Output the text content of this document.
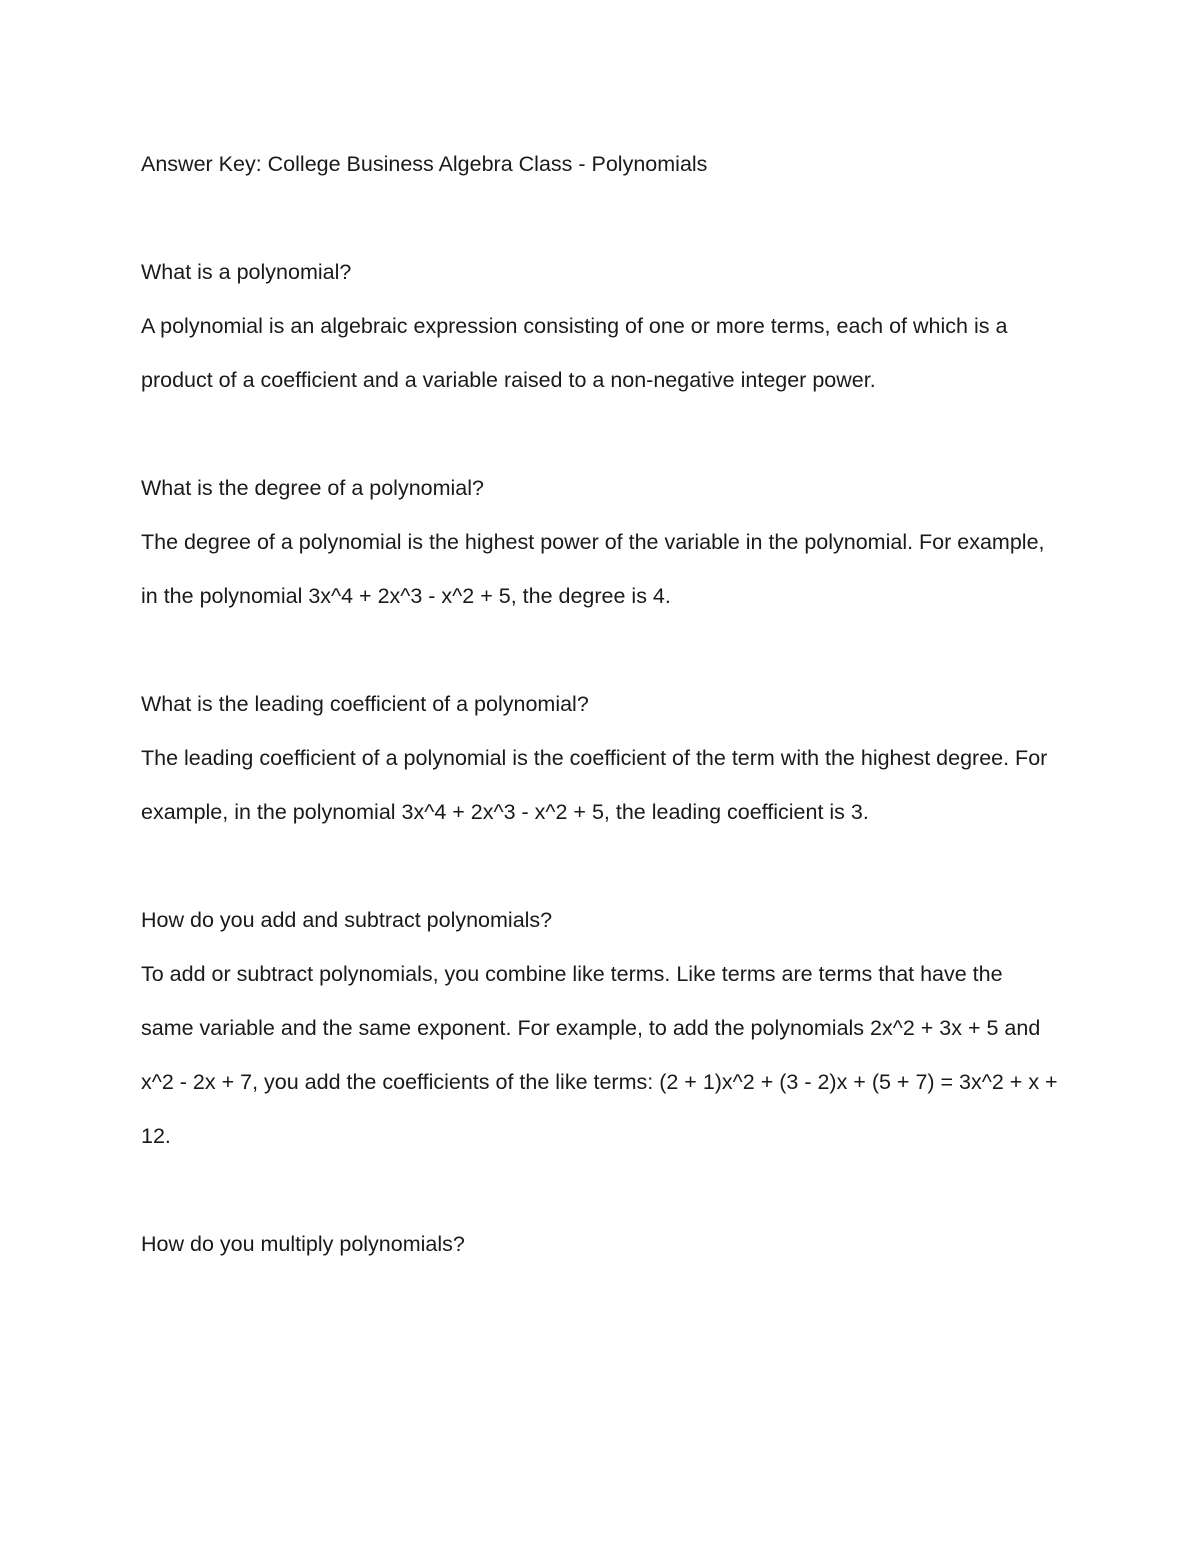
Answer Key: College Business Algebra Class - Polynomials

What is a polynomial?

A polynomial is an algebraic expression consisting of one or more terms, each of which is a product of a coefficient and a variable raised to a non-negative integer power.

What is the degree of a polynomial?

The degree of a polynomial is the highest power of the variable in the polynomial. For example, in the polynomial 3x^4 + 2x^3 - x^2 + 5, the degree is 4.

What is the leading coefficient of a polynomial?

The leading coefficient of a polynomial is the coefficient of the term with the highest degree. For example, in the polynomial 3x^4 + 2x^3 - x^2 + 5, the leading coefficient is 3.

How do you add and subtract polynomials?

To add or subtract polynomials, you combine like terms. Like terms are terms that have the same variable and the same exponent. For example, to add the polynomials 2x^2 + 3x + 5 and x^2 - 2x + 7, you add the coefficients of the like terms: (2 + 1)x^2 + (3 - 2)x + (5 + 7) = 3x^2 + x + 12.

How do you multiply polynomials?
